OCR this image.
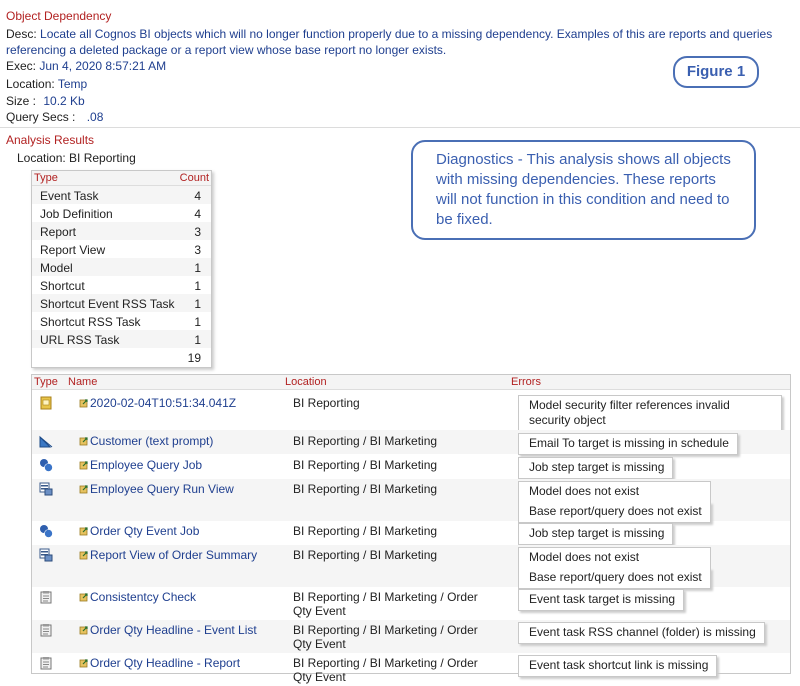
Object Dependency
Desc: Locate all Cognos BI objects which will no longer function properly due to a missing dependency. Examples of this are reports and queries referencing a deleted package or a report view whose base report no longer exists.
Exec: Jun 4, 2020 8:57:21 AM
Location: Temp
Size : 10.2 Kb
Query Secs : .08
Figure 1
Analysis Results
Location: BI Reporting	Diagnostics - This analysis shows all objects with missing dependencies. These reports will not function in this condition and need to be fixed.
Type	Count
Event Task	4
Job Definition	4
Report	3
Report View	3
Model	1
Shortcut	1
Shortcut Event RSS Task 1
Shortcut RSS Task	1
URL RSS Task	1
19
Type Name	Location	Errors
2020-02-04T10:51:34.041Z	BI Reporting	Model security filter references invalid security object
Customer (text prompt)	BI Reporting / BI Marketing	Email To target is missing in schedule
Employee Query Job	BI Reporting / BI Marketing	Job step target is missing
Employee Query Run View	BI Reporting / BI Marketing	Model does not exist
Base report/query does not exist
Order Qty Event Job	BI Reporting / BI Marketing	Job step target is missing
Report View of Order Summary	BI Reporting / BI Marketing	Model does not exist
Base report/query does not exist
Consistentcy Check	BI Reporting / BI Marketing / Order Qty Event
Event task target is missing
Order Qty Headline - Event List	BI Reporting / BI Marketing / Order Qty Event
Event task RSS channel (folder) is missing
Order Qty Headline - Report	BI Reporting / BI Marketing / Order Qty Event
Event task shortcut link is missing
